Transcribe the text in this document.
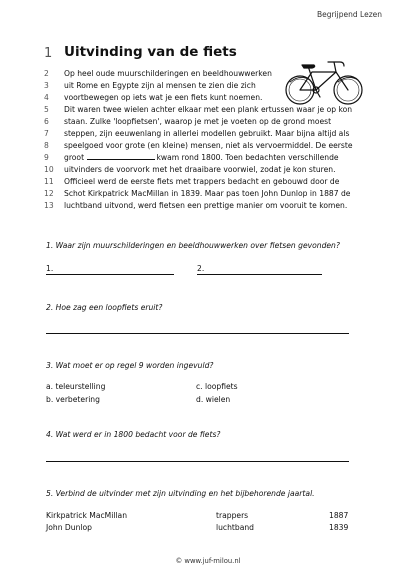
Begrijpend Lezen
1 Uitvinding van de fiets
2	Op heel oude muurschilderingen en beeldhouwwerken
3	uit Rome en Egypte zijn al mensen te zien die zich
4	voortbewegen op iets wat je een fiets kunt noemen.
5	Dit waren twee wielen achter elkaar met een plank ertussen waar je op kon
6	staan. Zulke 'loopfietsen', waarop je met je voeten op de grond moest
7	steppen, zijn eeuwenlang in allerlei modellen gebruikt. Maar bijna altijd als
8	speelgoed voor grote (en kleine) mensen, niet als vervoermiddel. De eerste
9	groot	kwam rond 1800. Toen bedachten verschillende
10	uitvinders de voorvork met het draaibare voorwiel, zodat je kon sturen.
11	Officieel werd de eerste fiets met trappers bedacht en gebouwd door de
12	Schot Kirkpatrick MacMillan in 1839. Maar pas toen John Dunlop in 1887 de
13	luchtband uitvond, werd fietsen een prettige manier om vooruit te komen.
1. Waar zijn muurschilderingen en beeldhouwwerken over fietsen gevonden?
1.	2.
2. Hoe zag een loopfiets eruit?
3. Wat moet er op regel 9 worden ingevuld?
a. teleurstelling
b. verbetering
c. loopfiets
d. wielen
4. Wat werd er in 1800 bedacht voor de fiets?
5. Verbind de uitvinder met zijn uitvinding en het bijbehorende jaartal.
Kirkpatrick MacMillan	trappers	1887
John Dunlop	luchtband	1839
© www.juf-milou.nl
